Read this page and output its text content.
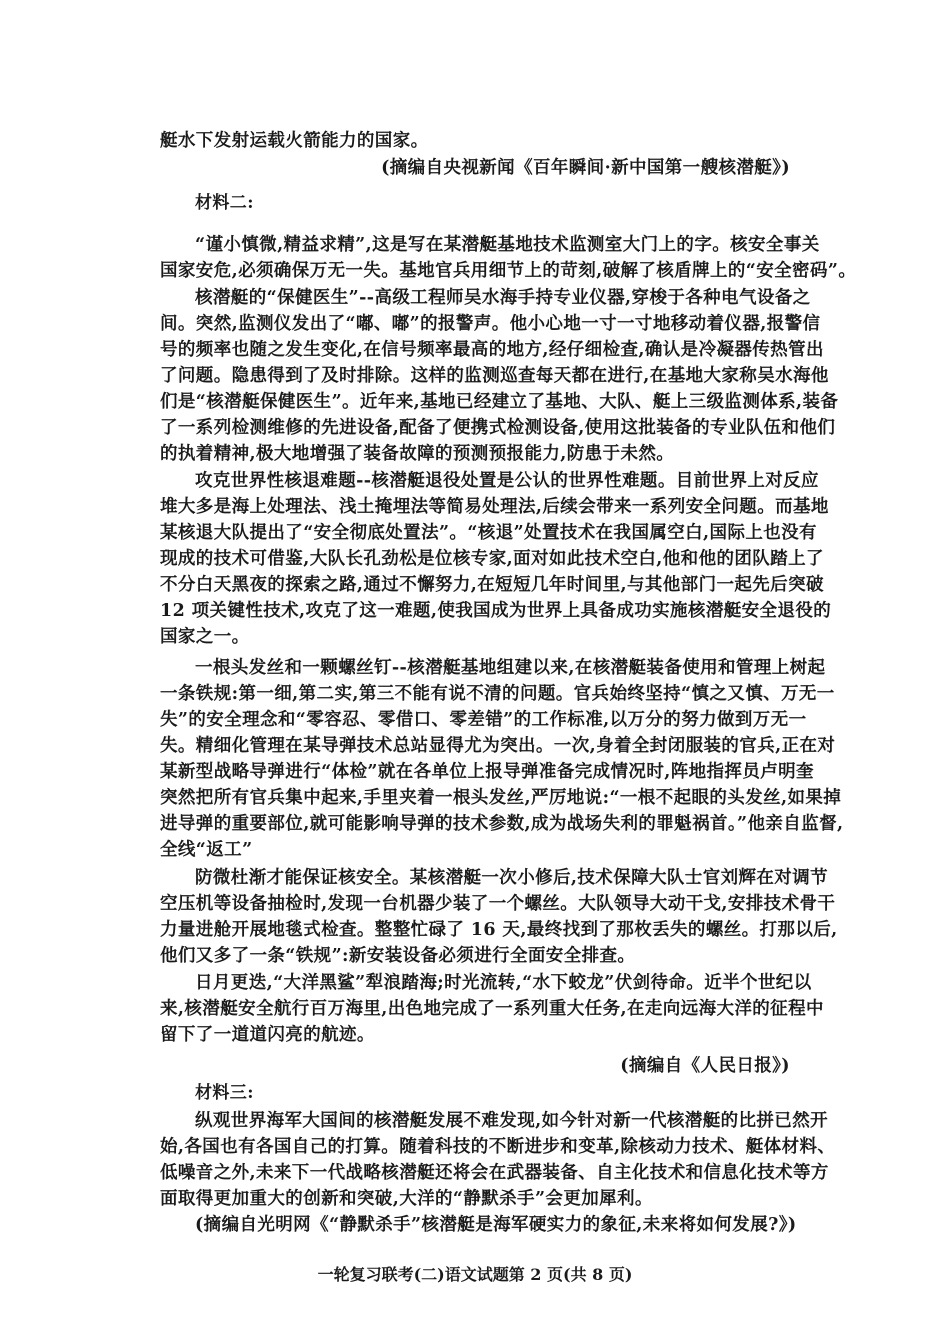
艇水下发射运载火箭能力的国家。
(摘编自央视新闻《百年瞬间·新中国第一艘核潜艇》)
材料二:
“谨小慎微,精益求精”,这是写在某潜艇基地技术监测室大门上的字。核安全事关
国家安危,必须确保万无一失。基地官兵用细节上的苛刻,破解了核盾牌上的“安全密码”。
核潜艇的“保健医生”--高级工程师吴水海手持专业仪器,穿梭于各种电气设备之
间。突然,监测仪发出了“嘟、嘟”的报警声。他小心地一寸一寸地移动着仪器,报警信
号的频率也随之发生变化,在信号频率最高的地方,经仔细检查,确认是冷凝器传热管出
了问题。隐患得到了及时排除。这样的监测巡查每天都在进行,在基地大家称吴水海他
们是“核潜艇保健医生”。近年来,基地已经建立了基地、大队、艇上三级监测体系,装备
了一系列检测维修的先进设备,配备了便携式检测设备,使用这批装备的专业队伍和他们
的执着精神,极大地增强了装备故障的预测预报能力,防患于未然。
攻克世界性核退难题--核潜艇退役处置是公认的世界性难题。目前世界上对反应
堆大多是海上处理法、浅土掩埋法等简易处理法,后续会带来一系列安全问题。而基地
某核退大队提出了“安全彻底处置法”。“核退”处置技术在我国属空白,国际上也没有
现成的技术可借鉴,大队长孔劲松是位核专家,面对如此技术空白,他和他的团队踏上了
不分白天黑夜的探索之路,通过不懈努力,在短短几年时间里,与其他部门一起先后突破
12 项关键性技术,攻克了这一难题,使我国成为世界上具备成功实施核潜艇安全退役的
国家之一。
一根头发丝和一颗螺丝钉--核潜艇基地组建以来,在核潜艇装备使用和管理上树起
一条铁规:第一细,第二实,第三不能有说不清的问题。官兵始终坚持“慎之又慎、万无一
失”的安全理念和“零容忍、零借口、零差错”的工作标准,以万分的努力做到万无一
失。精细化管理在某导弹技术总站显得尤为突出。一次,身着全封闭服装的官兵,正在对
某新型战略导弹进行“体检”就在各单位上报导弹准备完成情况时,阵地指挥员卢明奎
突然把所有官兵集中起来,手里夹着一根头发丝,严厉地说:“一根不起眼的头发丝,如果掉
进导弹的重要部位,就可能影响导弹的技术参数,成为战场失利的罪魁祸首。”他亲自监督,
全线“返工”
防微杜渐才能保证核安全。某核潜艇一次小修后,技术保障大队士官刘辉在对调节
空压机等设备抽检时,发现一台机器少装了一个螺丝。大队领导大动干戈,安排技术骨干
力量进舱开展地毯式检查。整整忙碌了 16 天,最终找到了那枚丢失的螺丝。打那以后,
他们又多了一条“铁规”:新安装设备必须进行全面安全排查。
日月更迭,“大洋黑鲨”犁浪踏海;时光流转,“水下蛟龙”伏剑待命。近半个世纪以
来,核潜艇安全航行百万海里,出色地完成了一系列重大任务,在走向远海大洋的征程中
留下了一道道闪亮的航迹。
(摘编自《人民日报》)
材料三:
纵观世界海军大国间的核潜艇发展不难发现,如今针对新一代核潜艇的比拼已然开
始,各国也有各国自己的打算。随着科技的不断进步和变革,除核动力技术、艇体材料、
低噪音之外,未来下一代战略核潜艇还将会在武器装备、自主化技术和信息化技术等方
面取得更加重大的创新和突破,大洋的“静默杀手”会更加犀利。
(摘编自光明网《“静默杀手”核潜艇是海军硬实力的象征,未来将如何发展?》)
一轮复习联考(二)语文试题第 2 页(共 8 页)
